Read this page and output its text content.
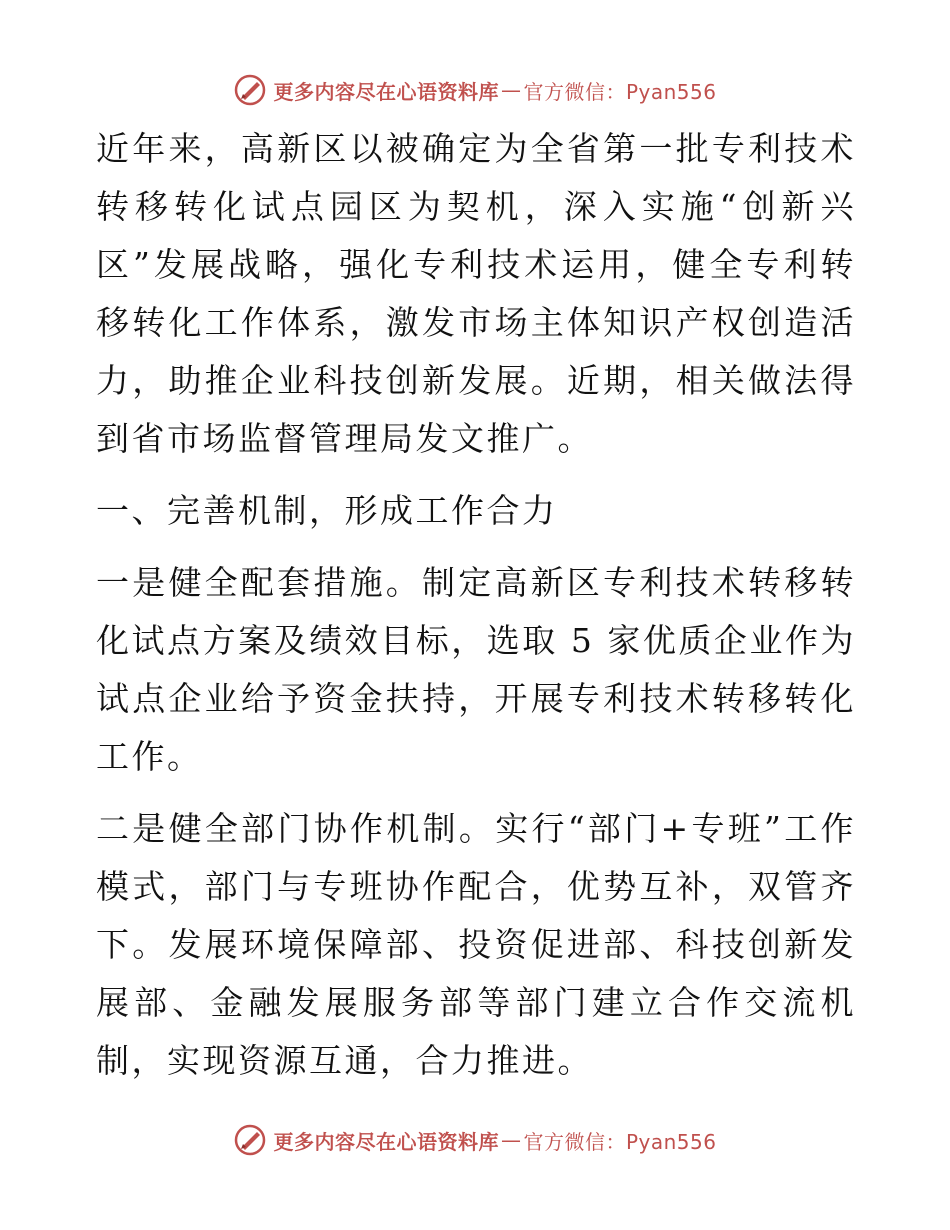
更多内容尽在心语资料库 — 官方微信：Pyan556

近年来，高新区以被确定为全省第一批专利技术转移转化试点园区为契机，深入实施“创新兴区”发展战略，强化专利技术运用，健全专利转移转化工作体系，激发市场主体知识产权创造活力，助推企业科技创新发展。近期，相关做法得到省市场监督管理局发文推广。

一、完善机制，形成工作合力

一是健全配套措施。制定高新区专利技术转移转化试点方案及绩效目标，选取 5 家优质企业作为试点企业给予资金扶持，开展专利技术转移转化工作。

二是健全部门协作机制。实行“部门+专班”工作模式，部门与专班协作配合，优势互补，双管齐下。发展环境保障部、投资促进部、科技创新发展部、金融发展服务部等部门建立合作交流机制，实现资源互通，合力推进。

更多内容尽在心语资料库 — 官方微信：Pyan556
